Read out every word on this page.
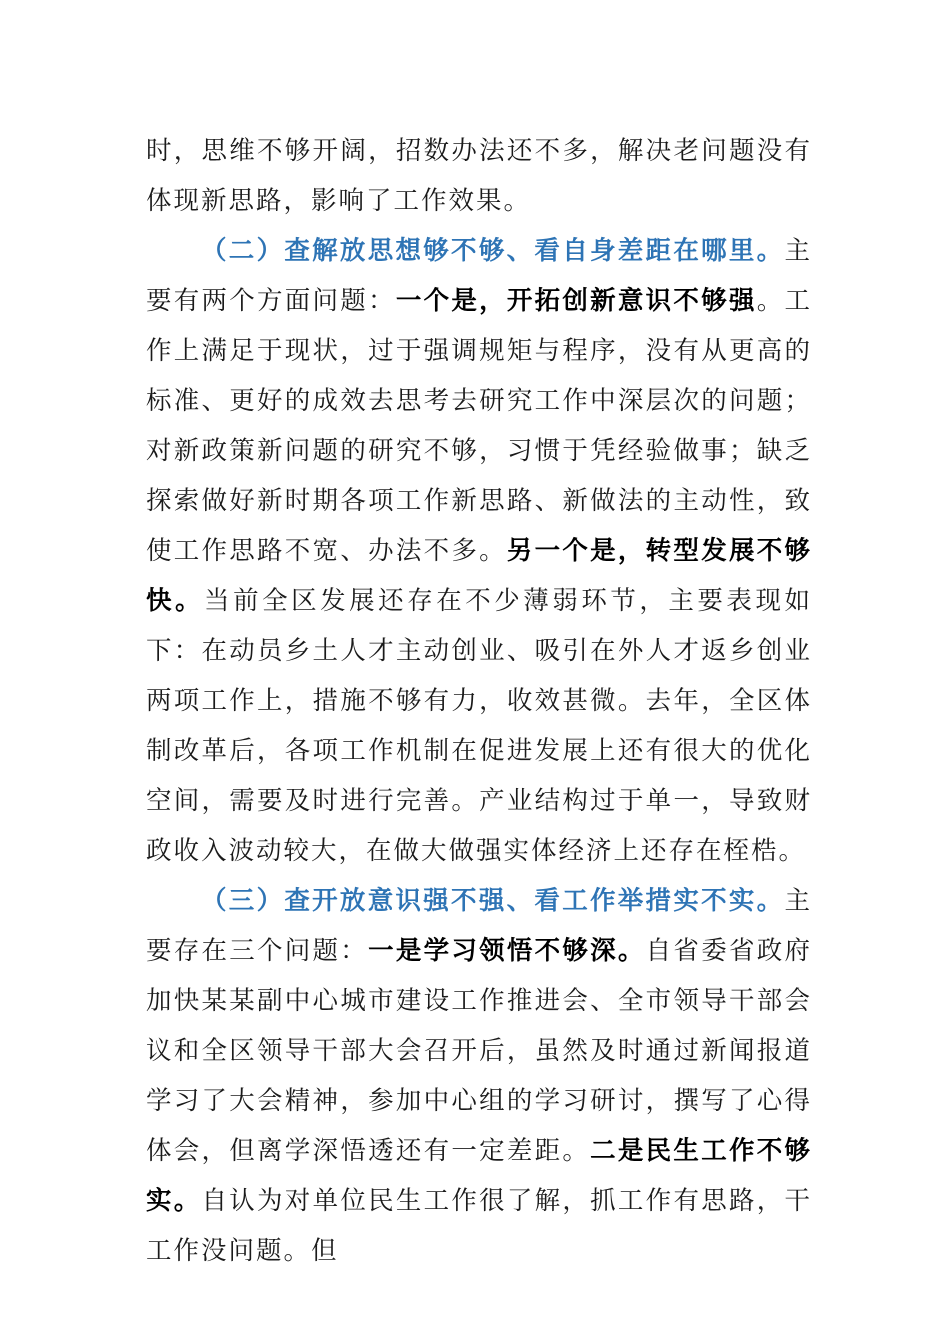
时，思维不够开阔，招数办法还不多，解决老问题没有体现新思路，影响了工作效果。

（二）查解放思想够不够、看自身差距在哪里。主要有两个方面问题：一个是，开拓创新意识不够强。工作上满足于现状，过于强调规矩与程序，没有从更高的标准、更好的成效去思考去研究工作中深层次的问题；对新政策新问题的研究不够，习惯于凭经验做事；缺乏探索做好新时期各项工作新思路、新做法的主动性，致使工作思路不宽、办法不多。另一个是，转型发展不够快。当前全区发展还存在不少薄弱环节，主要表现如下：在动员乡土人才主动创业、吸引在外人才返乡创业两项工作上，措施不够有力，收效甚微。去年，全区体制改革后，各项工作机制在促进发展上还有很大的优化空间，需要及时进行完善。产业结构过于单一，导致财政收入波动较大，在做大做强实体经济上还存在桎梏。

（三）查开放意识强不强、看工作举措实不实。主要存在三个问题：一是学习领悟不够深。自省委省政府加快某某副中心城市建设工作推进会、全市领导干部会议和全区领导干部大会召开后，虽然及时通过新闻报道学习了大会精神，参加中心组的学习研讨，撰写了心得体会，但离学深悟透还有一定差距。二是民生工作不够实。自认为对单位民生工作很了解，抓工作有思路，干工作没问题。但
